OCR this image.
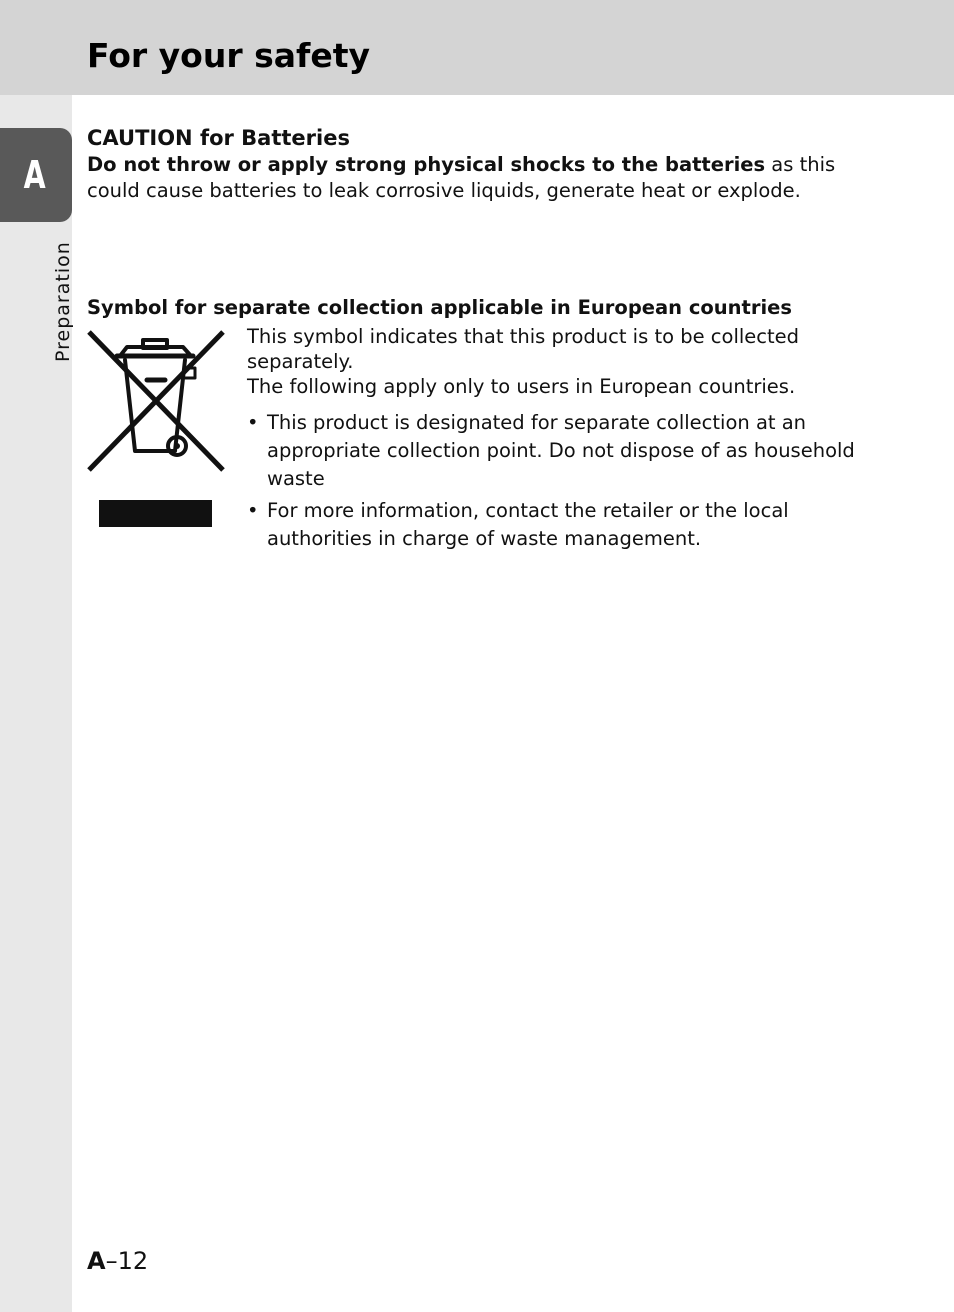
For your safety
A
Preparation
CAUTION for Batteries

Do not throw or apply strong physical shocks to the batteries as this could cause batteries to leak corrosive liquids, generate heat or explode.

Symbol for separate collection applicable in European countries

This symbol indicates that this product is to be collected separately.

The following apply only to users in European countries.

• This product is designated for separate collection at an appropriate collection point. Do not dispose of as household waste
• For more information, contact the retailer or the local authorities in charge of waste management.
A–12
